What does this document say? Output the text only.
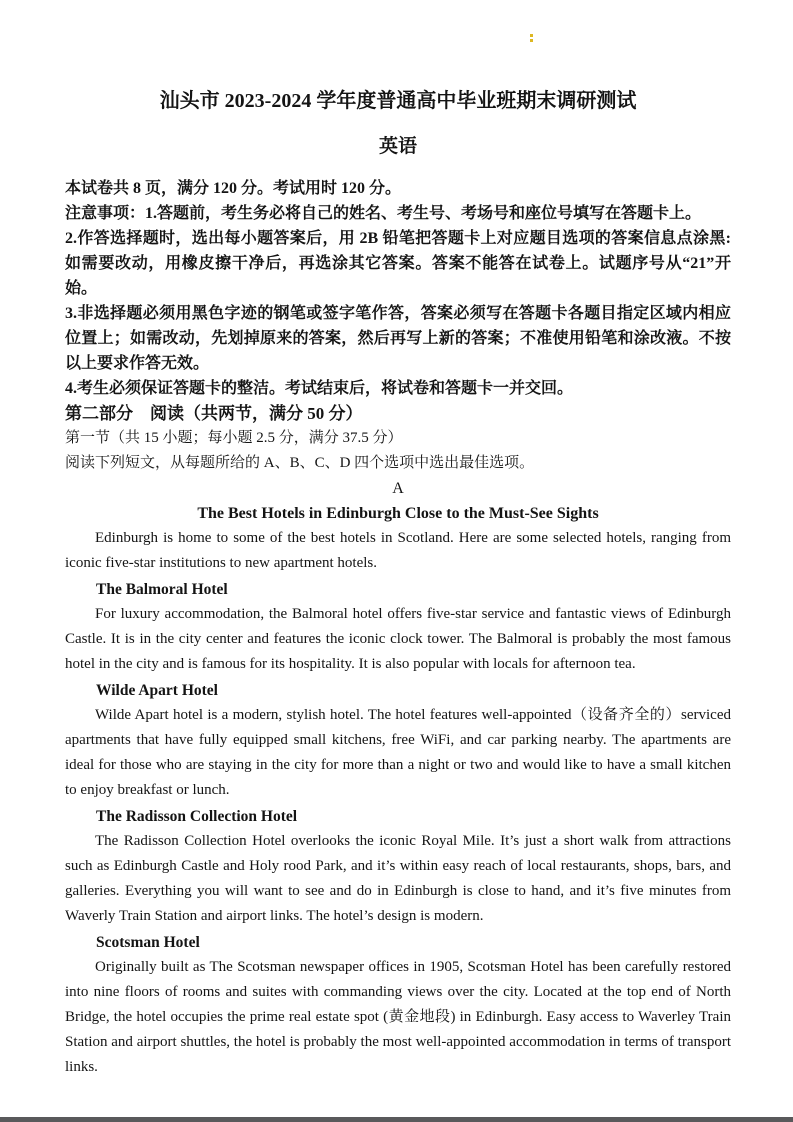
汕头市 2023-2024 学年度普通高中毕业班期末调研测试
英语

本试卷共 8 页，满分 120 分。考试用时 120 分。

注意事项：1.答题前，考生务必将自己的姓名、考生号、考场号和座位号填写在答题卡上。

2.作答选择题时，选出每小题答案后，用 2B 铅笔把答题卡上对应题目选项的答案信息点涂黑:如需要改动，用橡皮擦干净后，再选涂其它答案。答案不能答在试卷上。试题序号从“21”开始。

3.非选择题必须用黑色字迹的钢笔或签字笔作答，答案必须写在答题卡各题目指定区域内相应位置上；如需改动，先划掉原来的答案，然后再写上新的答案；不准使用铅笔和涂改液。不按以上要求作答无效。

4.考生必须保证答题卡的整洁。考试结束后，将试卷和答题卡一并交回。

第二部分　阅读（共两节，满分 50 分）

第一节（共 15 小题；每小题 2.5 分，满分 37.5 分）

阅读下列短文，从每题所给的 A、B、C、D 四个选项中选出最佳选项。

A

The Best Hotels in Edinburgh Close to the Must-See Sights

Edinburgh is home to some of the best hotels in Scotland. Here are some selected hotels, ranging from iconic five-star institutions to new apartment hotels.

The Balmoral Hotel

For luxury accommodation, the Balmoral hotel offers five-star service and fantastic views of Edinburgh Castle. It is in the city center and features the iconic clock tower. The Balmoral is probably the most famous hotel in the city and is famous for its hospitality. It is also popular with locals for afternoon tea.

Wilde Apart Hotel

Wilde Apart hotel is a modern, stylish hotel. The hotel features well-appointed（设备齐全的）serviced apartments that have fully equipped small kitchens, free WiFi, and car parking nearby. The apartments are ideal for those who are staying in the city for more than a night or two and would like to have a small kitchen to enjoy breakfast or lunch.

The Radisson Collection Hotel

The Radisson Collection Hotel overlooks the iconic Royal Mile. It’s just a short walk from attractions such as Edinburgh Castle and Holy rood Park, and it’s within easy reach of local restaurants, shops, bars, and galleries. Everything you will want to see and do in Edinburgh is close to hand, and it’s five minutes from Waverly Train Station and airport links. The hotel’s design is modern.

Scotsman Hotel

Originally built as The Scotsman newspaper offices in 1905, Scotsman Hotel has been carefully restored into nine floors of rooms and suites with commanding views over the city. Located at the top end of North Bridge, the hotel occupies the prime real estate spot (黄金地段) in Edinburgh. Easy access to Waverley Train Station and airport shuttles, the hotel is probably the most well-appointed accommodation in terms of transport links.
